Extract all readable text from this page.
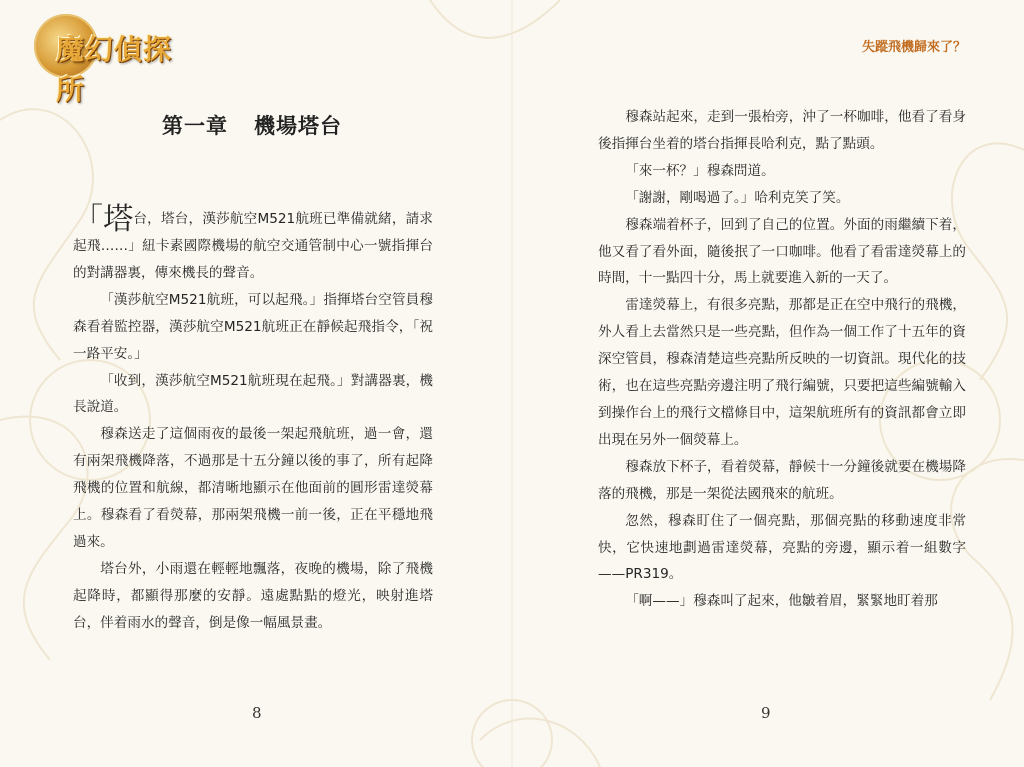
魔幻偵探所
第一章 機場塔台

「塔台，塔台，漢莎航空M521航班已準備就緒，請求起飛……」紐卡素國際機場的航空交通管制中心一號指揮台的對講器裏，傳來機長的聲音。

「漢莎航空M521航班，可以起飛。」指揮塔台空管員穆森看着監控器，漢莎航空M521航班正在靜候起飛指令，「祝一路平安。」

「收到，漢莎航空M521航班現在起飛。」對講器裏，機長說道。

穆森送走了這個雨夜的最後一架起飛航班，過一會，還有兩架飛機降落，不過那是十五分鐘以後的事了，所有起降飛機的位置和航線，都清晰地顯示在他面前的圓形雷達熒幕上。穆森看了看熒幕，那兩架飛機一前一後，正在平穩地飛過來。

塔台外，小雨還在輕輕地飄落，夜晚的機場，除了飛機起降時，都顯得那麼的安靜。遠處點點的燈光，映射進塔台，伴着雨水的聲音，倒是像一幅風景畫。

8
失蹤飛機歸來了？

穆森站起來，走到一張枱旁，沖了一杯咖啡，他看了看身後指揮台坐着的塔台指揮長哈利克，點了點頭。

「來一杯？」穆森問道。

「謝謝，剛喝過了。」哈利克笑了笑。

穆森端着杯子，回到了自己的位置。外面的雨繼續下着，他又看了看外面，隨後抿了一口咖啡。他看了看雷達熒幕上的時間，十一點四十分，馬上就要進入新的一天了。

雷達熒幕上，有很多亮點，那都是正在空中飛行的飛機，外人看上去當然只是一些亮點，但作為一個工作了十五年的資深空管員，穆森清楚這些亮點所反映的一切資訊。現代化的技術，也在這些亮點旁邊注明了飛行編號，只要把這些編號輸入到操作台上的飛行文檔條目中，這架航班所有的資訊都會立即出現在另外一個熒幕上。

穆森放下杯子，看着熒幕，靜候十一分鐘後就要在機場降落的飛機，那是一架從法國飛來的航班。

忽然，穆森盯住了一個亮點，那個亮點的移動速度非常快，它快速地劃過雷達熒幕，亮點的旁邊，顯示着一組數字——PR319。

「啊——」穆森叫了起來，他皺着眉，緊緊地盯着那

9
